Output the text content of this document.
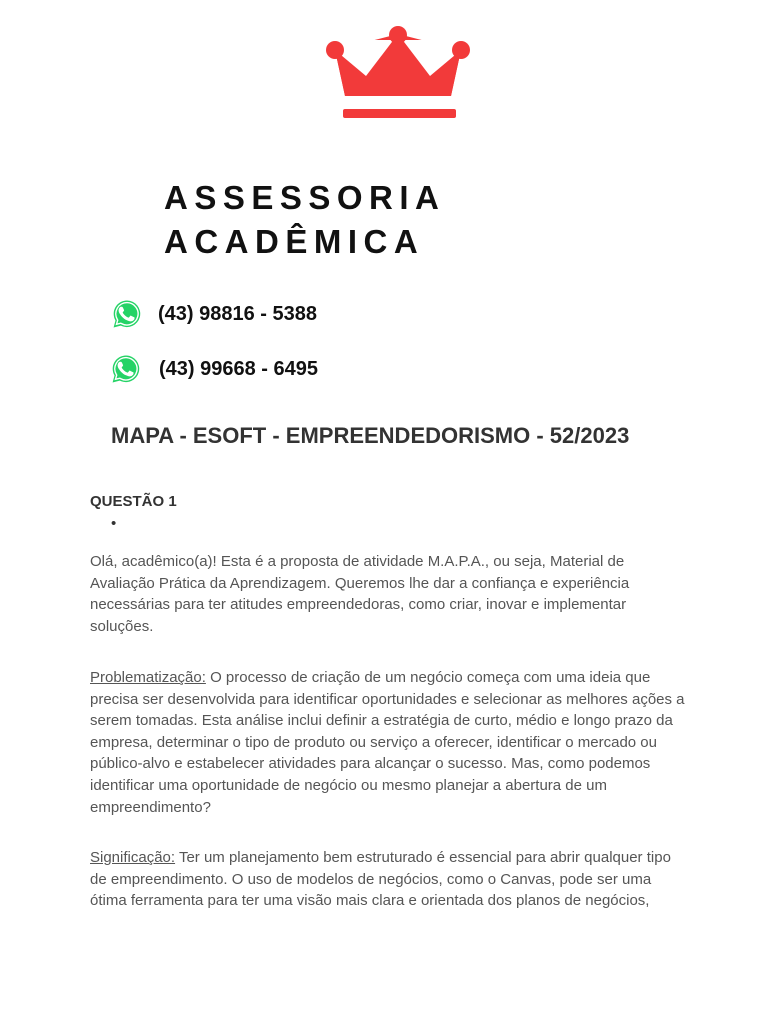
ASSESSORIA
ACADÊMICA
(43) 98816 - 5388
(43) 99668 - 6495
MAPA - ESOFT - EMPREENDEDORISMO - 52/2023
QUESTÃO 1
•

Olá, acadêmico(a)! Esta é a proposta de atividade M.A.P.A., ou seja, Material de Avaliação Prática da Aprendizagem. Queremos lhe dar a confiança e experiência necessárias para ter atitudes empreendedoras, como criar, inovar e implementar soluções.

Problematização: O processo de criação de um negócio começa com uma ideia que precisa ser desenvolvida para identificar oportunidades e selecionar as melhores ações a serem tomadas. Esta análise inclui definir a estratégia de curto, médio e longo prazo da empresa, determinar o tipo de produto ou serviço a oferecer, identificar o mercado ou público-alvo e estabelecer atividades para alcançar o sucesso. Mas, como podemos identificar uma oportunidade de negócio ou mesmo planejar a abertura de um empreendimento?

Significação: Ter um planejamento bem estruturado é essencial para abrir qualquer tipo de empreendimento. O uso de modelos de negócios, como o Canvas, pode ser uma ótima ferramenta para ter uma visão mais clara e orientada dos planos de negócios,
